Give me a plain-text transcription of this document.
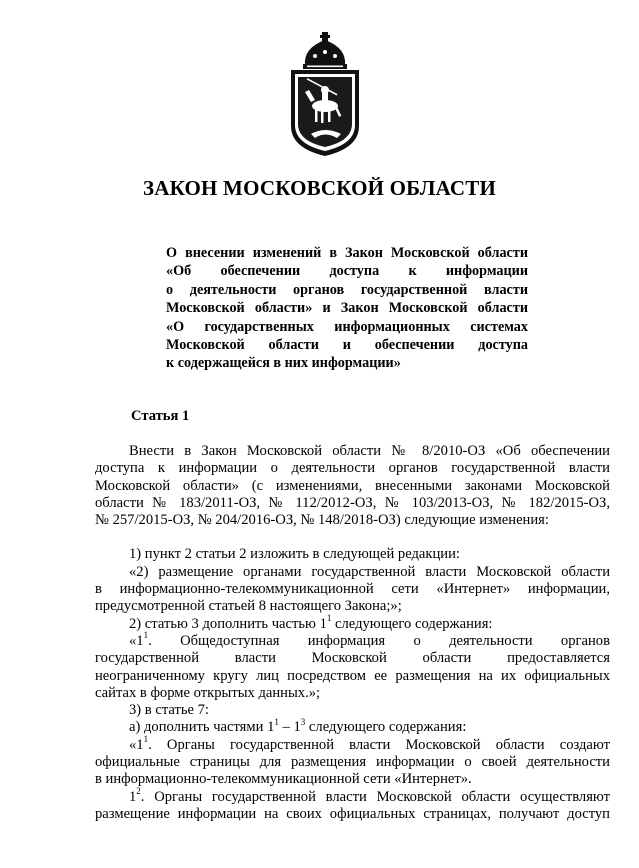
ЗАКОН МОСКОВСКОЙ ОБЛАСТИ
О внесении изменений в Закон Московской области
«Об обеспечении доступа к информации
о деятельности органов государственной власти
Московской области» и Закон Московской области
«О государственных информационных системах
Московской области и обеспечении доступа
к содержащейся в них информации»
Статья 1
Внести в Закон Московской области № 8/2010-ОЗ «Об обеспечении
доступа к информации о деятельности органов государственной власти
Московской области» (с изменениями, внесенными законами Московской
области № 183/2011-ОЗ, № 112/2012-ОЗ, № 103/2013-ОЗ, № 182/2015-ОЗ,
№ 257/2015-ОЗ, № 204/2016-ОЗ, № 148/2018-ОЗ) следующие изменения:
1) пункт 2 статьи 2 изложить в следующей редакции:
«2) размещение органами государственной власти Московской области
в информационно-телекоммуникационной сети «Интернет» информации,
предусмотренной статьей 8 настоящего Закона;»;
2) статью 3 дополнить частью $1^1$ следующего содержания:
«$1^1$. Общедоступная информация о деятельности органов
государственной власти Московской области предоставляется
неограниченному кругу лиц посредством ее размещения на их официальных
сайтах в форме открытых данных.»;
3) в статье 7:
а) дополнить частями $1^1 - 1^3$ следующего содержания:
«$1^1$. Органы государственной власти Московской области создают
официальные страницы для размещения информации о своей деятельности
в информационно-телекоммуникационной сети «Интернет».
$1^2$. Органы государственной власти Московской области осуществляют
размещение информации на своих официальных страницах, получают доступ
